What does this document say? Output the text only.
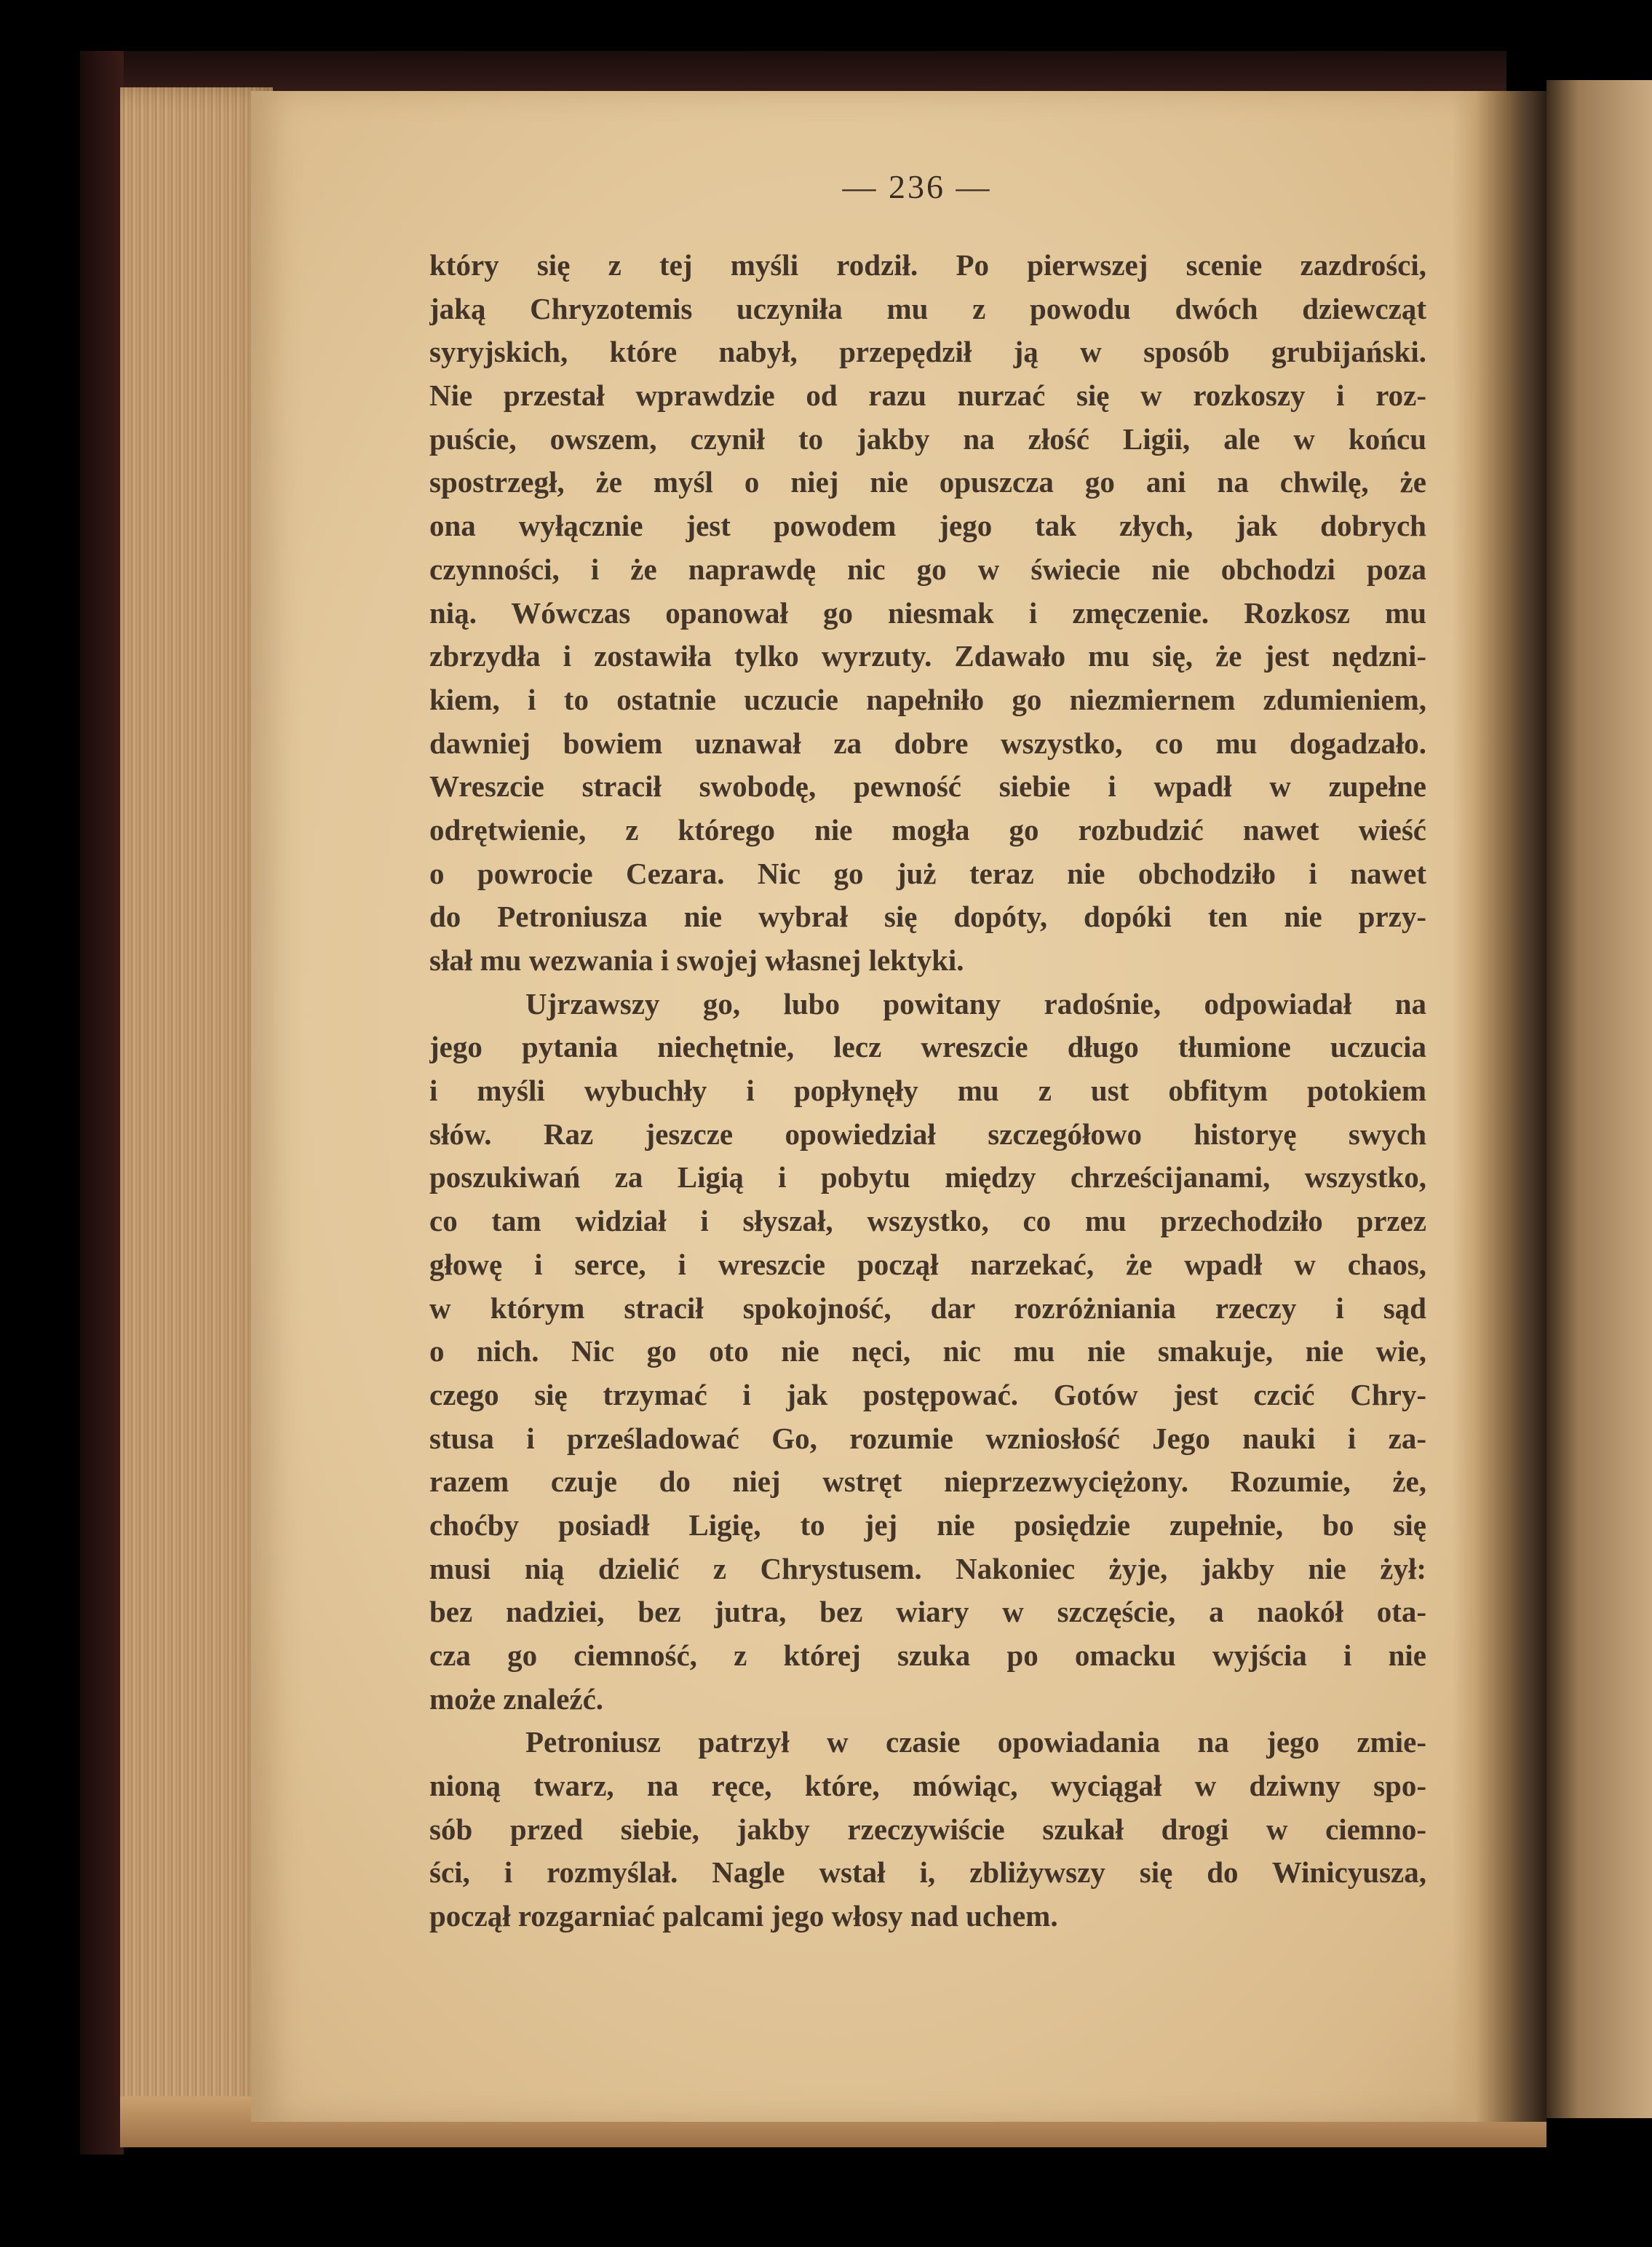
— 236 —
który się z tej myśli rodził. Po pierwszej scenie zazdrości,
jaką Chryzotemis uczyniła mu z powodu dwóch dziewcząt
syryjskich, które nabył, przepędził ją w sposób grubijański.
Nie przestał wprawdzie od razu nurzać się w rozkoszy i roz-
puście, owszem, czynił to jakby na złość Ligii, ale w końcu
spostrzegł, że myśl o niej nie opuszcza go ani na chwilę, że
ona wyłącznie jest powodem jego tak złych, jak dobrych
czynności, i że naprawdę nic go w świecie nie obchodzi poza
nią. Wówczas opanował go niesmak i zmęczenie. Rozkosz mu
zbrzydła i zostawiła tylko wyrzuty. Zdawało mu się, że jest nędzni-
kiem, i to ostatnie uczucie napełniło go niezmiernem zdumieniem,
dawniej bowiem uznawał za dobre wszystko, co mu dogadzało.
Wreszcie stracił swobodę, pewność siebie i wpadł w zupełne
odrętwienie, z którego nie mogła go rozbudzić nawet wieść
o powrocie Cezara. Nic go już teraz nie obchodziło i nawet
do Petroniusza nie wybrał się dopóty, dopóki ten nie przy-
słał mu wezwania i swojej własnej lektyki.
Ujrzawszy go, lubo powitany radośnie, odpowiadał na
jego pytania niechętnie, lecz wreszcie długo tłumione uczucia
i myśli wybuchły i popłynęły mu z ust obfitym potokiem
słów. Raz jeszcze opowiedział szczegółowo historyę swych
poszukiwań za Ligią i pobytu między chrześcijanami, wszystko,
co tam widział i słyszał, wszystko, co mu przechodziło przez
głowę i serce, i wreszcie począł narzekać, że wpadł w chaos,
w którym stracił spokojność, dar rozróżniania rzeczy i sąd
o nich. Nic go oto nie nęci, nic mu nie smakuje, nie wie,
czego się trzymać i jak postępować. Gotów jest czcić Chry-
stusa i prześladować Go, rozumie wzniosłość Jego nauki i za-
razem czuje do niej wstręt nieprzezwyciężony. Rozumie, że,
choćby posiadł Ligię, to jej nie posiędzie zupełnie, bo się
musi nią dzielić z Chrystusem. Nakoniec żyje, jakby nie żył:
bez nadziei, bez jutra, bez wiary w szczęście, a naokół ota-
cza go ciemność, z której szuka po omacku wyjścia i nie
może znaleźć.
Petroniusz patrzył w czasie opowiadania na jego zmie-
nioną twarz, na ręce, które, mówiąc, wyciągał w dziwny spo-
sób przed siebie, jakby rzeczywiście szukał drogi w ciemno-
ści, i rozmyślał. Nagle wstał i, zbliżywszy się do Winicyusza,
począł rozgarniać palcami jego włosy nad uchem.
